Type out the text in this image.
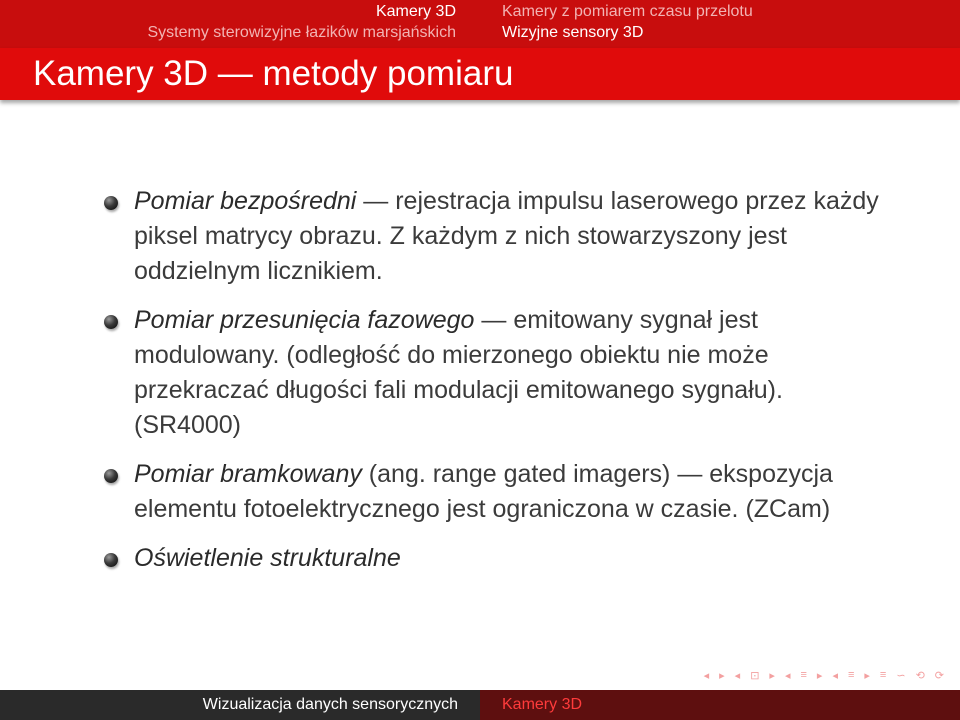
Kamery 3D
Systemy sterowizyjne łazików marsjańskich
Kamery z pomiarem czasu przelotu
Wizyjne sensory 3D
Kamery 3D — metody pomiaru
Pomiar bezpośredni — rejestracja impulsu laserowego przez każdy piksel matrycy obrazu. Z każdym z nich stowarzyszony jest oddzielnym licznikiem.
Pomiar przesunięcia fazowego — emitowany sygnał jest modulowany. (odległość do mierzonego obiektu nie może przekraczać długości fali modulacji emitowanego sygnału). (SR4000)
Pomiar bramkowany (ang. range gated imagers) — ekspozycja elementu fotoelektrycznego jest ograniczona w czasie. (ZCam)
Oświetlenie strukturalne
◂ ▸ ◂ ⊡ ▸ ◂ ≡ ▸ ◂ ≡ ▸ ≡ ∽ ⟲ ⟳
Wizualizacja danych sensorycznych	Kamery 3D
